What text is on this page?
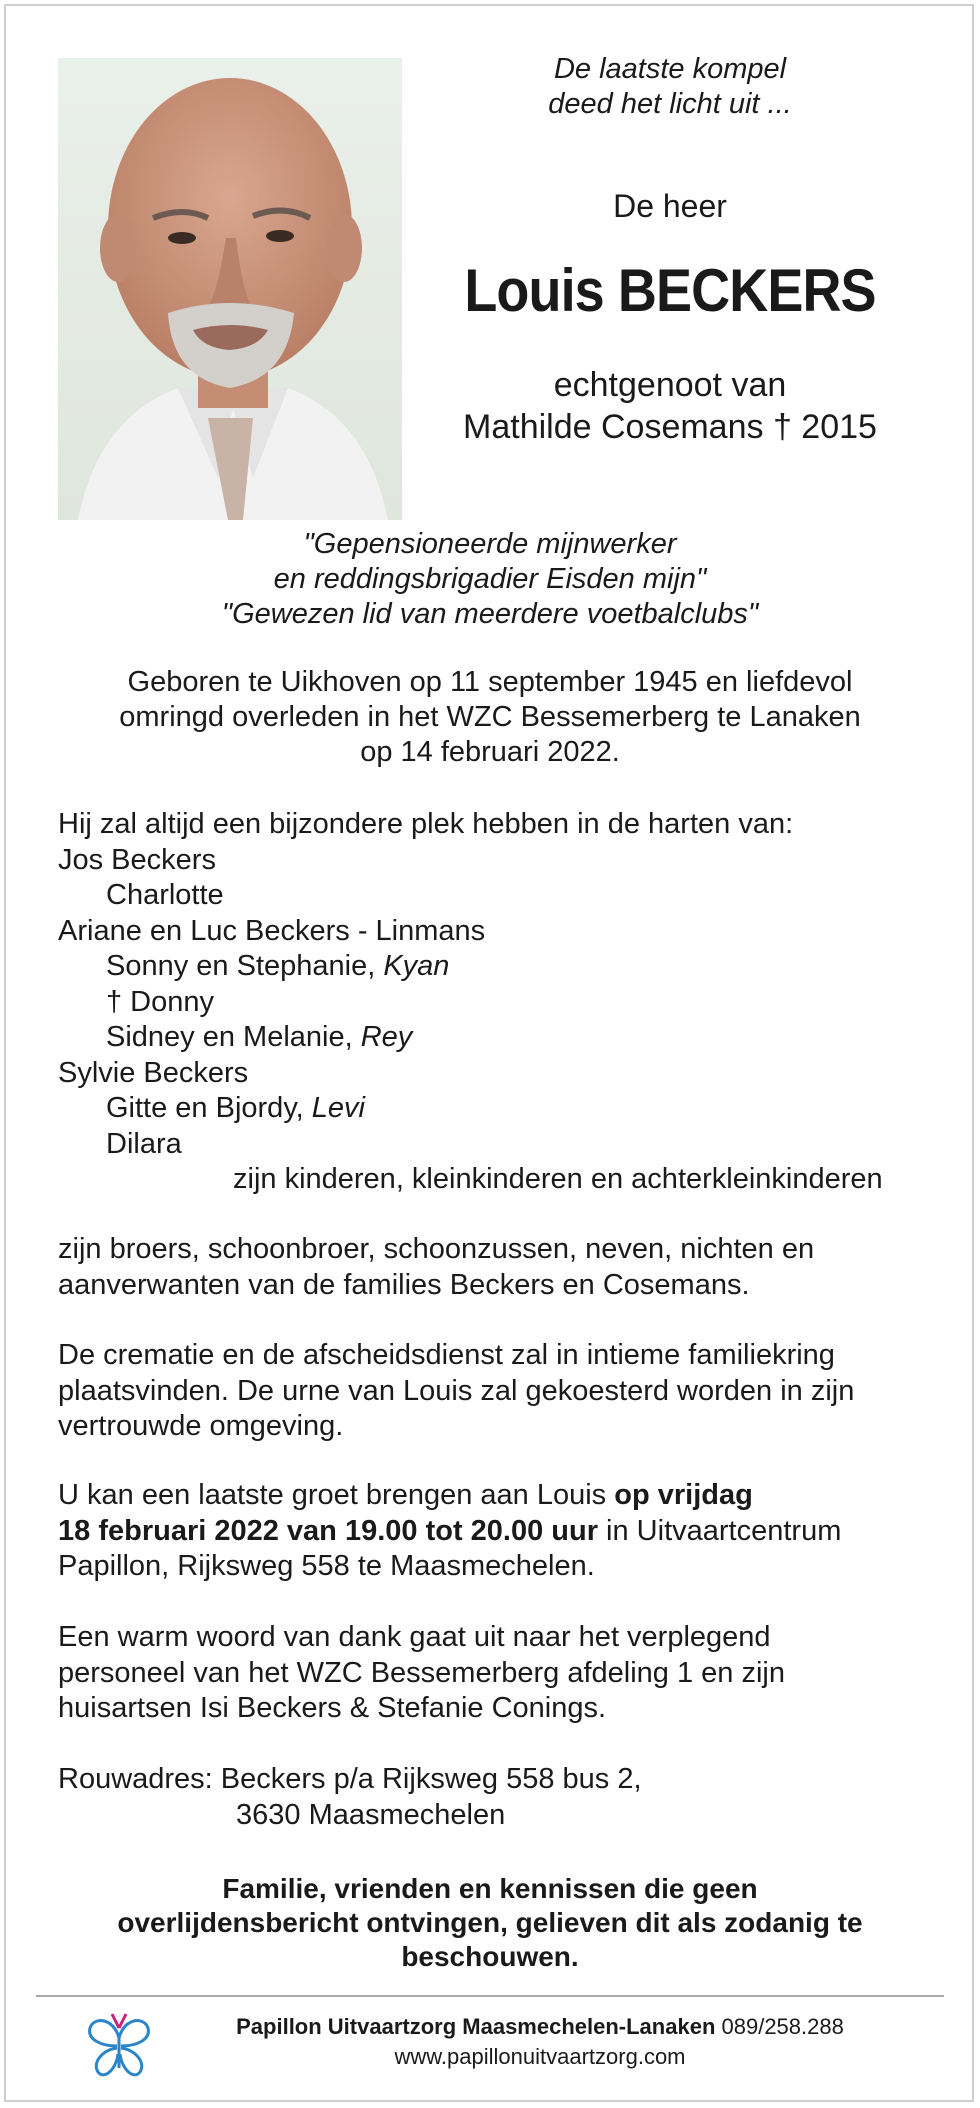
De laatste kompel
deed het licht uit ...
De heer
Louis BECKERS
echtgenoot van
Mathilde Cosemans † 2015
"Gepensioneerde mijnwerker
en reddingsbrigadier Eisden mijn"
"Gewezen lid van meerdere voetbalclubs"
Geboren te Uikhoven op 11 september 1945 en liefdevol
omringd overleden in het WZC Bessemerberg te Lanaken
op 14 februari 2022.
Hij zal altijd een bijzondere plek hebben in de harten van:
Jos Beckers
Charlotte
Ariane en Luc Beckers - Linmans
Sonny en Stephanie, Kyan
† Donny
Sidney en Melanie, Rey
Sylvie Beckers
Gitte en Bjordy, Levi
Dilara
zijn kinderen, kleinkinderen en achterkleinkinderen
zijn broers, schoonbroer, schoonzussen, neven, nichten en
aanverwanten van de families Beckers en Cosemans.
De crematie en de afscheidsdienst zal in intieme familiekring
plaatsvinden. De urne van Louis zal gekoesterd worden in zijn
vertrouwde omgeving.
U kan een laatste groet brengen aan Louis op vrijdag
18 februari 2022 van 19.00 tot 20.00 uur in Uitvaartcentrum
Papillon, Rijksweg 558 te Maasmechelen.
Een warm woord van dank gaat uit naar het verplegend
personeel van het WZC Bessemerberg afdeling 1 en zijn
huisartsen Isi Beckers & Stefanie Conings.
Rouwadres: Beckers p/a Rijksweg 558 bus 2,
3630 Maasmechelen
Familie, vrienden en kennissen die geen
overlijdensbericht ontvingen, gelieven dit als zodanig te
beschouwen.
Papillon Uitvaartzorg Maasmechelen-Lanaken 089/258.288
www.papillonuitvaartzorg.com
